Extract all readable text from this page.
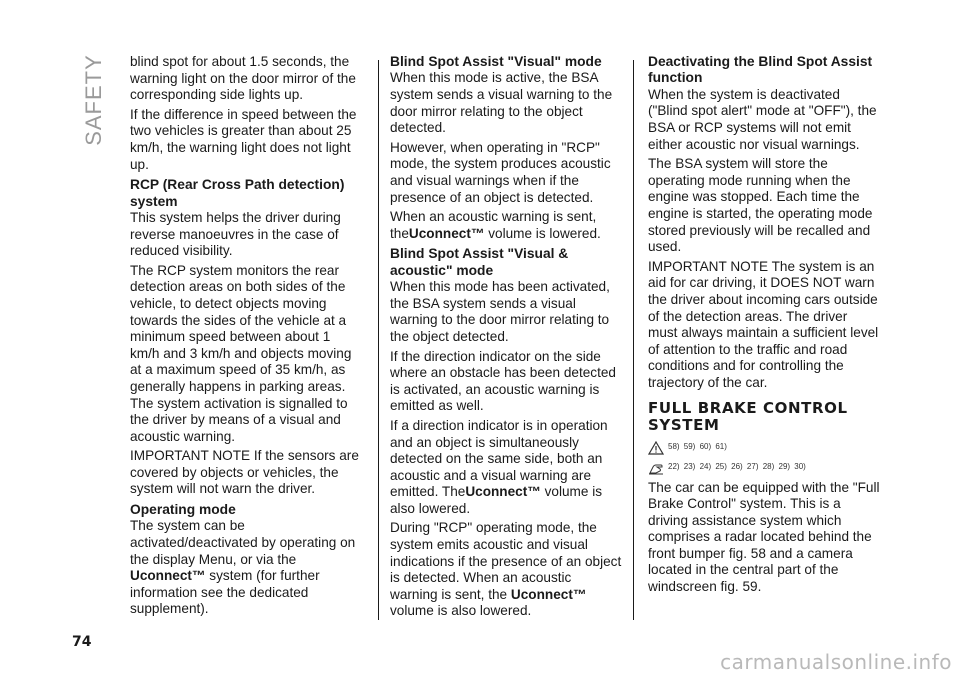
SAFETY blind spot for about 1.5 seconds, the warning light on the door mirror of the corresponding side lights up.

If the difference in speed between the two vehicles is greater than about 25 km/h, the warning light does not light up.

RCP (Rear Cross Path detection) system

This system helps the driver during reverse manoeuvres in the case of reduced visibility.

The RCP system monitors the rear detection areas on both sides of the vehicle, to detect objects moving towards the sides of the vehicle at a minimum speed between about 1 km/h and 3 km/h and objects moving at a maximum speed of 35 km/h, as generally happens in parking areas. The system activation is signalled to the driver by means of a visual and acoustic warning.

IMPORTANT NOTE If the sensors are covered by objects or vehicles, the system will not warn the driver.

Operating mode

The system can be activated/deactivated by operating on the display Menu, or via the Uconnect™ system (for further information see the dedicated supplement).

Blind Spot Assist "Visual" mode

When this mode is active, the BSA system sends a visual warning to the door mirror relating to the object detected.

However, when operating in "RCP" mode, the system produces acoustic and visual warnings when if the presence of an object is detected.

When an acoustic warning is sent, theUconnect™ volume is lowered.

Blind Spot Assist "Visual & acoustic" mode

When this mode has been activated, the BSA system sends a visual warning to the door mirror relating to the object detected.

If the direction indicator on the side where an obstacle has been detected is activated, an acoustic warning is emitted as well.

If a direction indicator is in operation and an object is simultaneously detected on the same side, both an acoustic and a visual warning are emitted. TheUconnect™ volume is also lowered.

During "RCP" operating mode, the system emits acoustic and visual indications if the presence of an object is detected. When an acoustic warning is sent, the Uconnect™ volume is also lowered.

Deactivating the Blind Spot Assist function

When the system is deactivated ("Blind spot alert" mode at "OFF"), the BSA or RCP systems will not emit either acoustic nor visual warnings.

The BSA system will store the operating mode running when the engine was stopped. Each time the engine is started, the operating mode stored previously will be recalled and used.

IMPORTANT NOTE The system is an aid for car driving, it DOES NOT warn the driver about incoming cars outside of the detection areas. The driver must always maintain a sufficient level of attention to the traffic and road conditions and for controlling the trajectory of the car.

FULL BRAKE CONTROL SYSTEM
58) 59) 60) 61)
22) 23) 24) 25) 26) 27) 28) 29) 30)

The car can be equipped with the "Full Brake Control" system. This is a driving assistance system which comprises a radar located behind the front bumper fig. 58 and a camera located in the central part of the windscreen fig. 59.

74
carmanualsonline.info
